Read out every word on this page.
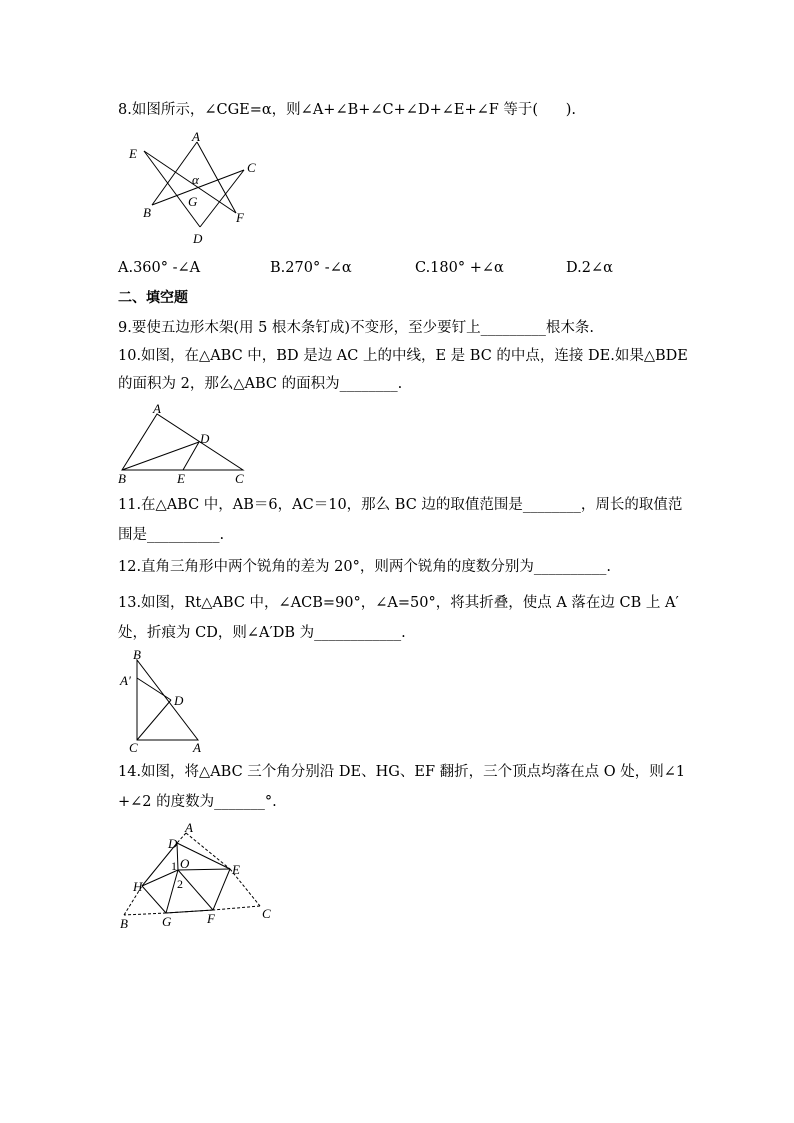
8.如图所示，∠CGE=α，则∠A+∠B+∠C+∠D+∠E+∠F 等于(      ).
A
E
C
α
G
B	F
D
A.360° -∠A	B.270° -∠α	C.180° +∠α	D.2∠α
二、填空题
9.要使五边形木架(用 5 根木条钉成)不变形，至少要钉上_________根木条.
10.如图，在△ABC 中，BD 是边 AC 上的中线，E 是 BC 的中点，连接 DE.如果△BDE
的面积为 2，那么△ABC 的面积为________.
A
D
B	E	C
11.在△ABC 中，AB＝6，AC＝10，那么 BC 边的取值范围是________，周长的取值范
围是__________.
12.直角三角形中两个锐角的差为 20°，则两个锐角的度数分别为__________.
13.如图，Rt△ABC 中，∠ACB=90°，∠A=50°，将其折叠，使点 A 落在边 CB 上 A′
处，折痕为 CD，则∠A′DB 为____________.
B
A′
D
C	A
14.如图，将△ABC 三个角分别沿 DE、HG、EF 翻折，三个顶点均落在点 O 处，则∠1
+∠2 的度数为_______°.
A
D
E
O
1
2
H
G	F
B
C
